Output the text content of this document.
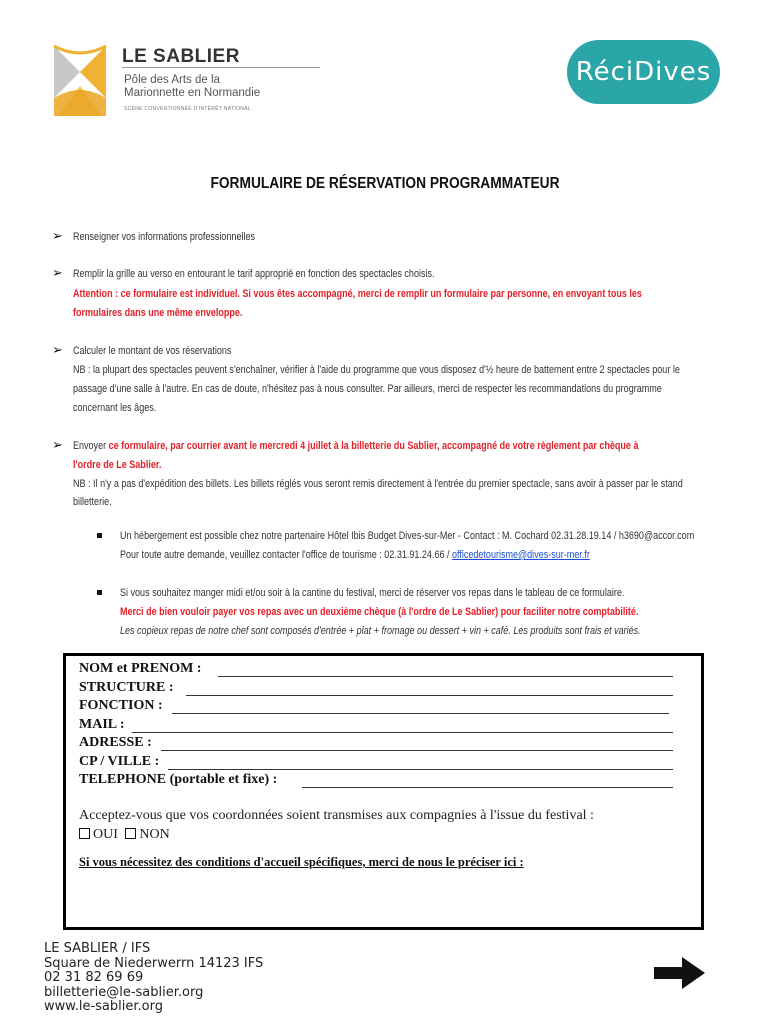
LE SABLIER
Pôle des Arts de la
Marionnette en Normandie
SCÈNE CONVENTIONNÉE D'INTÉRÊT NATIONAL
RéciDives
FORMULAIRE DE RÉSERVATION PROGRAMMATEUR
➢ Renseigner vos informations professionnelles
➢ Remplir la grille au verso en entourant le tarif approprié en fonction des spectacles choisis.
Attention : ce formulaire est individuel. Si vous êtes accompagné, merci de remplir un formulaire par personne, en envoyant tous les
formulaires dans une même enveloppe.
➢ Calculer le montant de vos réservations
NB : la plupart des spectacles peuvent s'enchaîner, vérifier à l'aide du programme que vous disposez d'½ heure de battement entre 2 spectacles pour le
passage d'une salle à l'autre. En cas de doute, n'hésitez pas à nous consulter. Par ailleurs, merci de respecter les recommandations du programme
concernant les âges.
➢ Envoyer ce formulaire, par courrier avant le mercredi 4 juillet à la billetterie du Sablier, accompagné de votre règlement par chèque à
l'ordre de Le Sablier.
NB : Il n'y a pas d'expédition des billets. Les billets réglés vous seront remis directement à l'entrée du premier spectacle, sans avoir à passer par le stand
billetterie.
Un hébergement est possible chez notre partenaire Hôtel Ibis Budget Dives-sur-Mer - Contact : M. Cochard 02.31.28.19.14 / h3690@accor.com
Pour toute autre demande, veuillez contacter l'office de tourisme : 02.31.91.24.66 / officedetourisme@dives-sur-mer.fr
Si vous souhaitez manger midi et/ou soir à la cantine du festival, merci de réserver vos repas dans le tableau de ce formulaire.
Merci de bien vouloir payer vos repas avec un deuxième chèque (à l'ordre de Le Sablier) pour faciliter notre comptabilité.
Les copieux repas de notre chef sont composés d'entrée + plat + fromage ou dessert + vin + café. Les produits sont frais et variés.
NOM et PRENOM :
STRUCTURE :
FONCTION :
MAIL :
ADRESSE :
CP / VILLE :
TELEPHONE (portable et fixe) :
Acceptez-vous que vos coordonnées soient transmises aux compagnies à l'issue du festival :
OUI NON
Si vous nécessitez des conditions d'accueil spécifiques, merci de nous le préciser ici :
LE SABLIER / IFS
Square de Niederwerrn 14123 IFS
02 31 82 69 69
billetterie@le-sablier.org
www.le-sablier.org
